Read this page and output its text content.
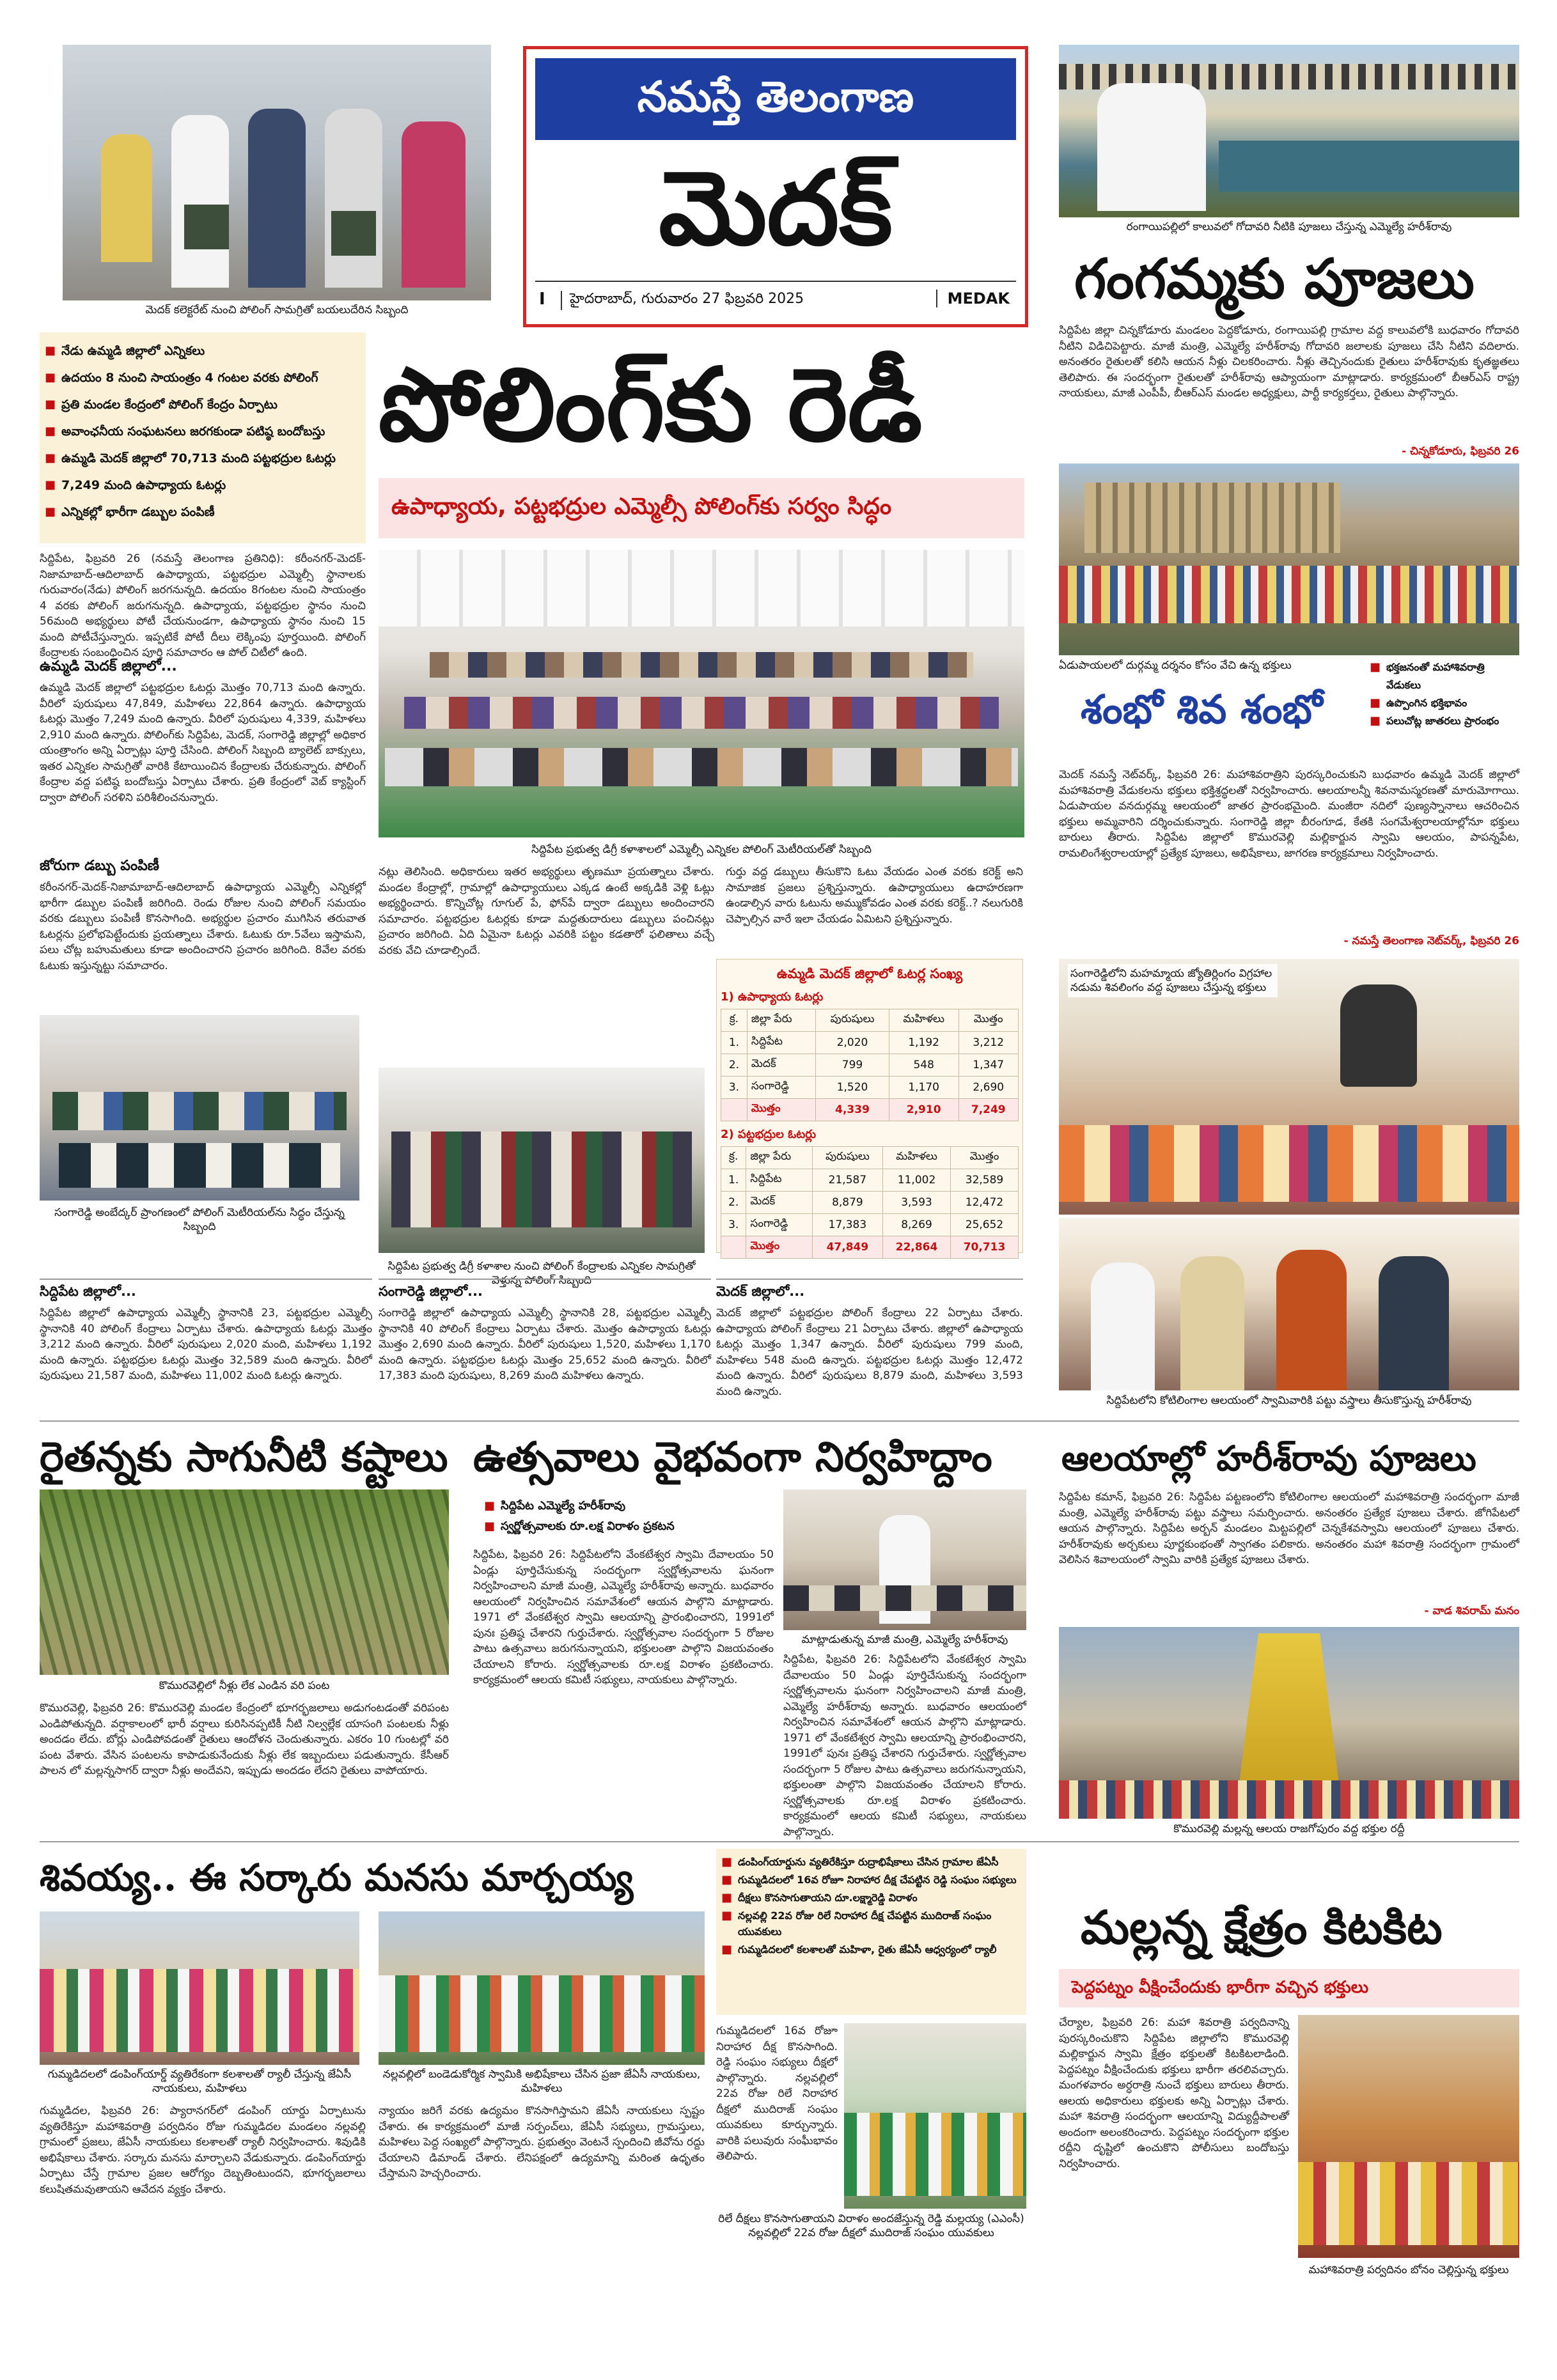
నమస్తే తెలంగాణ
మెదక్
I	హైదరాబాద్, గురువారం 27 ఫిబ్రవరి 2025	MEDAK
మెదక్ కలెక్టరేట్ నుంచి పోలింగ్ సామగ్రితో బయలుదేరిన సిబ్బంది
■ నేడు ఉమ్మడి జిల్లాలో ఎన్నికలు
■ ఉదయం 8 నుంచి సాయంత్రం 4 గంటల వరకు పోలింగ్
■ ప్రతి మండల కేంద్రంలో పోలింగ్ కేంద్రం ఏర్పాటు
■ అవాంఛనీయ సంఘటనలు జరగకుండా పటిష్ఠ బందోబస్తు
■ ఉమ్మడి మెదక్ జిల్లాలో 70,713 మంది పట్టభద్రుల ఓటర్లు
■ 7,249 మంది ఉపాధ్యాయ ఓటర్లు
■ ఎన్నికల్లో భారీగా డబ్బుల పంపిణీ
పోలింగ్‌కు రెడీ
ఉపాధ్యాయ, పట్టభద్రుల ఎమ్మెల్సీ పోలింగ్‌కు సర్వం సిద్ధం
సిద్దిపేట, ఫిబ్రవరి 26 (నమస్తే తెలంగాణ ప్రతినిధి): కరీంనగర్-మెదక్-నిజామాబాద్-ఆదిలాబాద్ ఉపాధ్యాయ, పట్టభద్రుల ఎమ్మెల్సీ స్థానాలకు గురువారం(నేడు) పోలింగ్ జరగనున్నది. ఉదయం 8గంటల నుంచి సాయంత్రం 4 వరకు పోలింగ్ జరుగనున్నది. ఉపాధ్యాయ, పట్టభద్రుల స్థానం నుంచి 56మంది అభ్యర్థులు పోటీ చేయనుండగా, ఉపాధ్యాయ స్థానం నుంచి 15 మంది పోటీచేస్తున్నారు. ఇప్పటికే పోటీ దీలు లెక్కింపు పూర్తయింది. పోలింగ్ కేంద్రాలకు సంబంధించిన పూర్తి సమాచారం ఆ పోల్ చిటీలో ఉంది.
ఉమ్మడి మెదక్ జిల్లాలో...
ఉమ్మడి మెదక్ జిల్లాలో పట్టభద్రుల ఓటర్లు మొత్తం 70,713 మంది ఉన్నారు. వీరిలో పురుషులు 47,849, మహిళలు 22,864 ఉన్నారు. ఉపాధ్యాయ ఓటర్లు మొత్తం 7,249 మంది ఉన్నారు. వీరిలో పురుషులు 4,339, మహిళలు 2,910 మంది ఉన్నారు. పోలింగ్‌కు సిద్దిపేట, మెదక్, సంగారెడ్డి జిల్లాల్లో అధికార యంత్రాంగం అన్ని ఏర్పాట్లు పూర్తి చేసింది. పోలింగ్ సిబ్బంది బ్యాలెట్ బాక్సులు, ఇతర ఎన్నికల సామగ్రితో వారికి కేటాయించిన కేంద్రాలకు చేరుకున్నారు. పోలింగ్ కేంద్రాల వద్ద పటిష్ఠ బందోబస్తు ఏర్పాటు చేశారు. ప్రతి కేంద్రంలో వెబ్ క్యాస్టింగ్ ద్వారా పోలింగ్ సరళిని పరిశీలించనున్నారు.
జోరుగా డబ్బు పంపిణీ
కరీంనగర్-మెదక్-నిజామాబాద్-ఆదిలాబాద్ ఉపాధ్యాయ ఎమ్మెల్సీ ఎన్నికల్లో భారీగా డబ్బుల పంపిణీ జరిగింది. రెండు రోజుల నుంచి పోలింగ్ సమయం వరకు డబ్బులు పంపిణీ కొనసాగింది. అభ్యర్థుల ప్రచారం ముగిసిన తరువాత ఓటర్లను ప్రలోభపెట్టేందుకు ప్రయత్నాలు చేశారు. ఓటుకు రూ.5వేలు ఇస్తామని, పలు చోట్ల బహుమతులు కూడా అందించారని ప్రచారం జరిగింది. 8వేల వరకు ఓటుకు ఇస్తున్నట్టు సమాచారం.
సిద్దిపేట ప్రభుత్వ డిగ్రీ కళాశాలలో ఎమ్మెల్సీ ఎన్నికల పోలింగ్ మెటీరియల్‌తో సిబ్బంది
నట్లు తెలిసింది. అధికారులు ఇతర అభ్యర్థులు తృణమూ ప్రయత్నాలు చేశారు. మండల కేంద్రాల్లో, గ్రామాల్లో ఉపాధ్యాయులు ఎక్కడ ఉంటే అక్కడికి వెళ్లి ఓట్లు అభ్యర్థించారు. కొన్నిచోట్ల గూగుల్ పే, ఫోన్‌పే ద్వారా డబ్బులు అందించారని సమాచారం. పట్టభద్రుల ఓటర్లకు కూడా మద్దతుదారులు డబ్బులు పంచినట్లు ప్రచారం జరిగింది. ఏది ఏమైనా ఓటర్లు ఎవరికి పట్టం కడతారో ఫలితాలు వచ్చే వరకు వేచి చూడాల్సిందే.
గుర్తు వద్ద డబ్బులు తీసుకొని ఓటు వేయడం ఎంత వరకు కరెక్ట్ అని సామాజిక ప్రజలు ప్రశ్నిస్తున్నారు. ఉపాధ్యాయులు ఉదాహరణగా ఉండాల్సిన వారు ఓటును అమ్ముకోవడం ఎంత వరకు కరెక్ట్..? నలుగురికి చెప్పాల్సిన వారే ఇలా చేయడం ఏమిటని ప్రశ్నిస్తున్నారు.
ఉమ్మడి మెదక్ జిల్లాలో ఓటర్ల సంఖ్య
1) ఉపాధ్యాయ ఓటర్లు
క్ర.	జిల్లా పేరు	పురుషులు	మహిళలు	మొత్తం
1.	సిద్దిపేట	2,020	1,192	3,212
2.	మెదక్	799	548	1,347
3.	సంగారెడ్డి	1,520	1,170	2,690
	మొత్తం	4,339	2,910	7,249
2) పట్టభద్రుల ఓటర్లు
క్ర.	జిల్లా పేరు	పురుషులు	మహిళలు	మొత్తం
1.	సిద్దిపేట	21,587	11,002	32,589
2.	మెదక్	8,879	3,593	12,472
3.	సంగారెడ్డి	17,383	8,269	25,652
	మొత్తం	47,849	22,864	70,713
సంగారెడ్డి అంబేద్కర్ ప్రాంగణంలో పోలింగ్ మెటీరియల్‌ను సిద్ధం చేస్తున్న సిబ్బంది
సిద్దిపేట ప్రభుత్వ డిగ్రీ కళాశాల నుంచి పోలింగ్ కేంద్రాలకు ఎన్నికల సామగ్రితో వెళ్తున్న పోలింగ్ సిబ్బంది
సిద్దిపేట జిల్లాలో...
సిద్దిపేట జిల్లాలో ఉపాధ్యాయ ఎమ్మెల్సీ స్థానానికి 23, పట్టభద్రుల ఎమ్మెల్సీ స్థానానికి 40 పోలింగ్ కేంద్రాలు ఏర్పాటు చేశారు. ఉపాధ్యాయ ఓటర్లు మొత్తం 3,212 మంది ఉన్నారు. వీరిలో పురుషులు 2,020 మంది, మహిళలు 1,192 మంది ఉన్నారు. పట్టభద్రుల ఓటర్లు మొత్తం 32,589 మంది ఉన్నారు. వీరిలో పురుషులు 21,587 మంది, మహిళలు 11,002 మంది ఓటర్లు ఉన్నారు.
సంగారెడ్డి జిల్లాలో...
సంగారెడ్డి జిల్లాలో ఉపాధ్యాయ ఎమ్మెల్సీ స్థానానికి 28, పట్టభద్రుల ఎమ్మెల్సీ స్థానానికి 40 పోలింగ్ కేంద్రాలు ఏర్పాటు చేశారు. మొత్తం ఉపాధ్యాయ ఓటర్లు మొత్తం 2,690 మంది ఉన్నారు. వీరిలో పురుషులు 1,520, మహిళలు 1,170 మంది ఉన్నారు. పట్టభద్రుల ఓటర్లు మొత్తం 25,652 మంది ఉన్నారు. వీరిలో 17,383 మంది పురుషులు, 8,269 మంది మహిళలు ఉన్నారు.
మెదక్ జిల్లాలో...
మెదక్ జిల్లాలో పట్టభద్రుల పోలింగ్ కేంద్రాలు 22 ఏర్పాటు చేశారు. ఉపాధ్యాయ పోలింగ్ కేంద్రాలు 21 ఏర్పాటు చేశారు. జిల్లాలో ఉపాధ్యాయ ఓటర్లు మొత్తం 1,347 ఉన్నారు. వీరిలో పురుషులు 799 మంది, మహిళలు 548 మంది ఉన్నారు. పట్టభద్రుల ఓటర్లు మొత్తం 12,472 మంది ఉన్నారు. వీరిలో పురుషులు 8,879 మంది, మహిళలు 3,593 మంది ఉన్నారు.
రంగాయిపల్లిలో కాలువలో గోదావరి నీటికి పూజలు చేస్తున్న ఎమ్మెల్యే హరీశ్‌రావు
గంగమ్మకు పూజలు
సిద్దిపేట జిల్లా చిన్నకోడూరు మండలం పెద్దకోడూరు, రంగాయిపల్లి గ్రామాల వద్ద కాలువలోకి బుధవారం గోదావరి నీటిని విడిచిపెట్టారు. మాజీ మంత్రి, ఎమ్మెల్యే హరీశ్‌రావు గోదావరి జలాలకు పూజలు చేసి నీటిని వదిలారు. అనంతరం రైతులతో కలిసి ఆయన నీళ్లు చిలకరించారు. నీళ్లు తెచ్చినందుకు రైతులు హరీశ్‌రావుకు కృతజ్ఞతలు తెలిపారు. ఈ సందర్భంగా రైతులతో హరీశ్‌రావు ఆప్యాయంగా మాట్లాడారు. కార్యక్రమంలో బీఆర్ఎస్ రాష్ట్ర నాయకులు, మాజీ ఎంపీపీ, బీఆర్ఎస్ మండల అధ్యక్షులు, పార్టీ కార్యకర్తలు, రైతులు పాల్గొన్నారు.
- చిన్నకోడూరు, ఫిబ్రవరి 26
ఏడుపాయలలో దుర్గమ్మ దర్శనం కోసం వేచి ఉన్న భక్తులు
శంభో శివ శంభో
■ భక్తజనంతో మహాశివరాత్రి వేడుకలు
■ ఉప్పొంగిన భక్తిభావం
■ పలుచోట్ల జాతరలు ప్రారంభం
మెదక్ నమస్తే నెట్‌వర్క్, ఫిబ్రవరి 26: మహాశివరాత్రిని పురస్కరించుకుని బుధవారం ఉమ్మడి మెదక్ జిల్లాలో మహాశివరాత్రి వేడుకలను భక్తులు భక్తిశ్రద్ధలతో నిర్వహించారు. ఆలయాలన్నీ శివనామస్మరణతో మారుమోగాయి. ఏడుపాయల వనదుర్గమ్మ ఆలయంలో జాతర ప్రారంభమైంది. మంజీరా నదిలో పుణ్యస్నానాలు ఆచరించిన భక్తులు అమ్మవారిని దర్శించుకున్నారు. సంగారెడ్డి జిల్లా బీరంగూడ, కేతకి సంగమేశ్వరాలయాల్లోనూ భక్తులు బారులు తీరారు. సిద్దిపేట జిల్లాలో కొమురవెల్లి మల్లికార్జున స్వామి ఆలయం, పాపన్నపేట, రామలింగేశ్వరాలయాల్లో ప్రత్యేక పూజలు, అభిషేకాలు, జాగరణ కార్యక్రమాలు నిర్వహించారు.
- నమస్తే తెలంగాణ నెట్‌వర్క్, ఫిబ్రవరి 26
సంగారెడ్డిలోని మహమ్మాయ జ్యోతిర్లింగం విగ్రహాల నడుమ శివలింగం వద్ద పూజలు చేస్తున్న భక్తులు
సిద్దిపేటలోని కోటిలింగాల ఆలయంలో స్వామివారికి పట్టు వస్త్రాలు తీసుకొస్తున్న హరీశ్‌రావు
రైతన్నకు సాగునీటి కష్టాలు
కొమురవెల్లిలో నీళ్లు లేక ఎండిన వరి పంట
కొమురవెల్లి, ఫిబ్రవరి 26: కొమురవెల్లి మండల కేంద్రంలో భూగర్భజలాలు అడుగంటడంతో వరిపంట ఎండిపోతున్నది. వర్షాకాలంలో భారీ వర్షాలు కురిసినప్పటికీ నీటి నిల్వల్లేక యాసంగి పంటలకు నీళ్లు అందడం లేదు. బోర్లు ఎండిపోవడంతో రైతులు ఆందోళన చెందుతున్నారు. ఎకరం 10 గుంటల్లో వరి పంట వేశారు. వేసిన పంటలను కాపాడుకునేందుకు నీళ్లు లేక ఇబ్బందులు పడుతున్నారు. కేసీఆర్ పాలన లో మల్లన్నసాగర్ ద్వారా నీళ్లు అందేవని, ఇప్పుడు అందడం లేదని రైతులు వాపోయారు.
ఉత్సవాలు వైభవంగా నిర్వహిద్దాం
■ సిద్దిపేట ఎమ్మెల్యే హరీశ్‌రావు
■ స్వర్ణోత్సవాలకు రూ.లక్ష విరాళం ప్రకటన
మాట్లాడుతున్న మాజీ మంత్రి, ఎమ్మెల్యే హరీశ్‌రావు
సిద్దిపేట, ఫిబ్రవరి 26: సిద్దిపేటలోని వేంకటేశ్వర స్వామి దేవాలయం 50 ఏండ్లు పూర్తిచేసుకున్న సందర్భంగా స్వర్ణోత్సవాలను ఘనంగా నిర్వహించాలని మాజీ మంత్రి, ఎమ్మెల్యే హరీశ్‌రావు అన్నారు. బుధవారం ఆలయంలో నిర్వహించిన సమావేశంలో ఆయన పాల్గొని మాట్లాడారు. 1971 లో వేంకటేశ్వర స్వామి ఆలయాన్ని ప్రారంభించారని, 1991లో పునః ప్రతిష్ఠ చేశారని గుర్తుచేశారు. స్వర్ణోత్సవాల సందర్భంగా 5 రోజుల పాటు ఉత్సవాలు జరుగనున్నాయని, భక్తులంతా పాల్గొని విజయవంతం చేయాలని కోరారు. స్వర్ణోత్సవాలకు రూ.లక్ష విరాళం ప్రకటించారు. కార్యక్రమంలో ఆలయ కమిటీ సభ్యులు, నాయకులు పాల్గొన్నారు.
సిద్దిపేట, ఫిబ్రవరి 26: సిద్దిపేటలోని వేంకటేశ్వర స్వామి దేవాలయం 50 ఏండ్లు పూర్తిచేసుకున్న సందర్భంగా స్వర్ణోత్సవాలను ఘనంగా నిర్వహించాలని మాజీ మంత్రి, ఎమ్మెల్యే హరీశ్‌రావు అన్నారు. బుధవారం ఆలయంలో నిర్వహించిన సమావేశంలో ఆయన పాల్గొని మాట్లాడారు. 1971 లో వేంకటేశ్వర స్వామి ఆలయాన్ని ప్రారంభించారని, 1991లో పునః ప్రతిష్ఠ చేశారని గుర్తుచేశారు. స్వర్ణోత్సవాల సందర్భంగా 5 రోజుల పాటు ఉత్సవాలు జరుగనున్నాయని, భక్తులంతా పాల్గొని విజయవంతం చేయాలని కోరారు. స్వర్ణోత్సవాలకు రూ.లక్ష విరాళం ప్రకటించారు. కార్యక్రమంలో ఆలయ కమిటీ సభ్యులు, నాయకులు పాల్గొన్నారు.
ఆలయాల్లో హరీశ్‌రావు పూజలు
సిద్దిపేట కమాన్, ఫిబ్రవరి 26: సిద్దిపేట పట్టణంలోని కోటిలింగాల ఆలయంలో మహాశివరాత్రి సందర్భంగా మాజీ మంత్రి, ఎమ్మెల్యే హరీశ్‌రావు పట్టు వస్త్రాలు సమర్పించారు. అనంతరం ప్రత్యేక పూజలు చేశారు. జోగిపేటలో ఆయన పాల్గొన్నారు. సిద్దిపేట అర్బన్ మండలం మిట్టపల్లిలో చెన్నకేశవస్వామి ఆలయంలో పూజలు చేశారు. హరీశ్‌రావుకు అర్చకులు పూర్ణకుంభంతో స్వాగతం పలికారు. అనంతరం మహా శివరాత్రి సందర్భంగా గ్రామంలో వెలిసిన శివాలయంలో స్వామి వారికి ప్రత్యేక పూజలు చేశారు.
- వాడ శివరామ్ మనం
కొమురవెల్లి మల్లన్న ఆలయ రాజగోపురం వద్ద భక్తుల రద్దీ
శివయ్య.. ఈ సర్కారు మనసు మార్చయ్య
గుమ్మడిదలలో డంపింగ్‌యార్డ్‌ వ్యతిరేకంగా కలశాలతో ర్యాలీ చేస్తున్న జేఏసీ నాయకులు, మహిళలు
నల్లవల్లిలో బండెడుకోర్మిక స్వామికి అభిషేకాలు చేసిన ప్రజా జేఏసీ నాయకులు, మహిళలు
గుమ్మడిదల, ఫిబ్రవరి 26: ప్యారానగర్‌లో డంపింగ్‌ యార్డు ఏర్పాటును వ్యతిరేకిస్తూ మహాశివరాత్రి పర్వదినం రోజు గుమ్మడిదల మండలం నల్లవల్లి గ్రామంలో ప్రజలు, జేఏసీ నాయకులు కలశాలతో ర్యాలీ నిర్వహించారు. శివుడికి అభిషేకాలు చేశారు. సర్కారు మనసు మార్చాలని వేడుకున్నారు. డంపింగ్‌యార్డు ఏర్పాటు చేస్తే గ్రామాల ప్రజల ఆరోగ్యం దెబ్బతింటుందని, భూగర్భజలాలు కలుషితమవుతాయని ఆవేదన వ్యక్తం చేశారు.
న్యాయం జరిగే వరకు ఉద్యమం కొనసాగిస్తామని జేఏసీ నాయకులు స్పష్టం చేశారు. ఈ కార్యక్రమంలో మాజీ సర్పంచ్‌లు, జేఏసీ సభ్యులు, గ్రామస్తులు, మహిళలు పెద్ద సంఖ్యలో పాల్గొన్నారు. ప్రభుత్వం వెంటనే స్పందించి జీవోను రద్దు చేయాలని డిమాండ్ చేశారు. లేనిపక్షంలో ఉద్యమాన్ని మరింత ఉధృతం చేస్తామని హెచ్చరించారు.
■ డంపింగ్‌యార్డును వ్యతిరేకిస్తూ రుద్రాభిషేకాలు చేసిన గ్రామాల జేఏసీ
■ గుమ్మడిదలలో 16వ రోజూ నిరాహార దీక్ష చేపట్టిన రెడ్డి సంఘం సభ్యులు
■ దీక్షలు కొనసాగుతాయని దూ.లక్ష్మారెడ్డి విరాళం
■ నల్లవల్లి 22వ రోజు రిలే నిరాహార దీక్ష చేపట్టిన ముదిరాజ్ సంఘం యువకులు
■ గుమ్మడిదలలో కలశాలతో మహిళా, రైతు జేఏసీ ఆధ్వర్యంలో ర్యాలీ
గుమ్మడిదలలో 16వ రోజూ నిరాహార దీక్ష కొనసాగింది. రెడ్డి సంఘం సభ్యులు దీక్షలో పాల్గొన్నారు. నల్లవల్లిలో 22వ రోజు రిలే నిరాహార దీక్షలో ముదిరాజ్ సంఘం యువకులు కూర్చున్నారు. వారికి పలువురు సంఘీభావం తెలిపారు.
రిలే దీక్షలు కొనసాగుతాయని విరాళం అందజేస్తున్న రెడ్డి మల్లయ్య (ఎఎంసీ) నల్లవల్లిలో 22వ రోజు దీక్షలో ముదిరాజ్ సంఘం యువకులు
మల్లన్న క్షేత్రం కిటకిట
పెద్దపట్నం వీక్షించేందుకు భారీగా వచ్చిన భక్తులు
చేర్యాల, ఫిబ్రవరి 26: మహా శివరాత్రి పర్వదినాన్ని పురస్కరించుకొని సిద్దిపేట జిల్లాలోని కొమురవెల్లి మల్లికార్జున స్వామి క్షేత్రం భక్తులతో కిటకిటలాడింది. పెద్దపట్నం వీక్షించేందుకు భక్తులు భారీగా తరలివచ్చారు. మంగళవారం అర్ధరాత్రి నుంచే భక్తులు బారులు తీరారు. ఆలయ అధికారులు భక్తులకు అన్ని ఏర్పాట్లు చేశారు. మహా శివరాత్రి సందర్భంగా ఆలయాన్ని విద్యుద్దీపాలతో అందంగా అలంకరించారు. పెద్దపట్నం సందర్భంగా భక్తుల రద్దీని దృష్టిలో ఉంచుకొని పోలీసులు బందోబస్తు నిర్వహించారు.
మహాశివరాత్రి పర్వదినం బోనం చెల్లిస్తున్న భక్తులు
